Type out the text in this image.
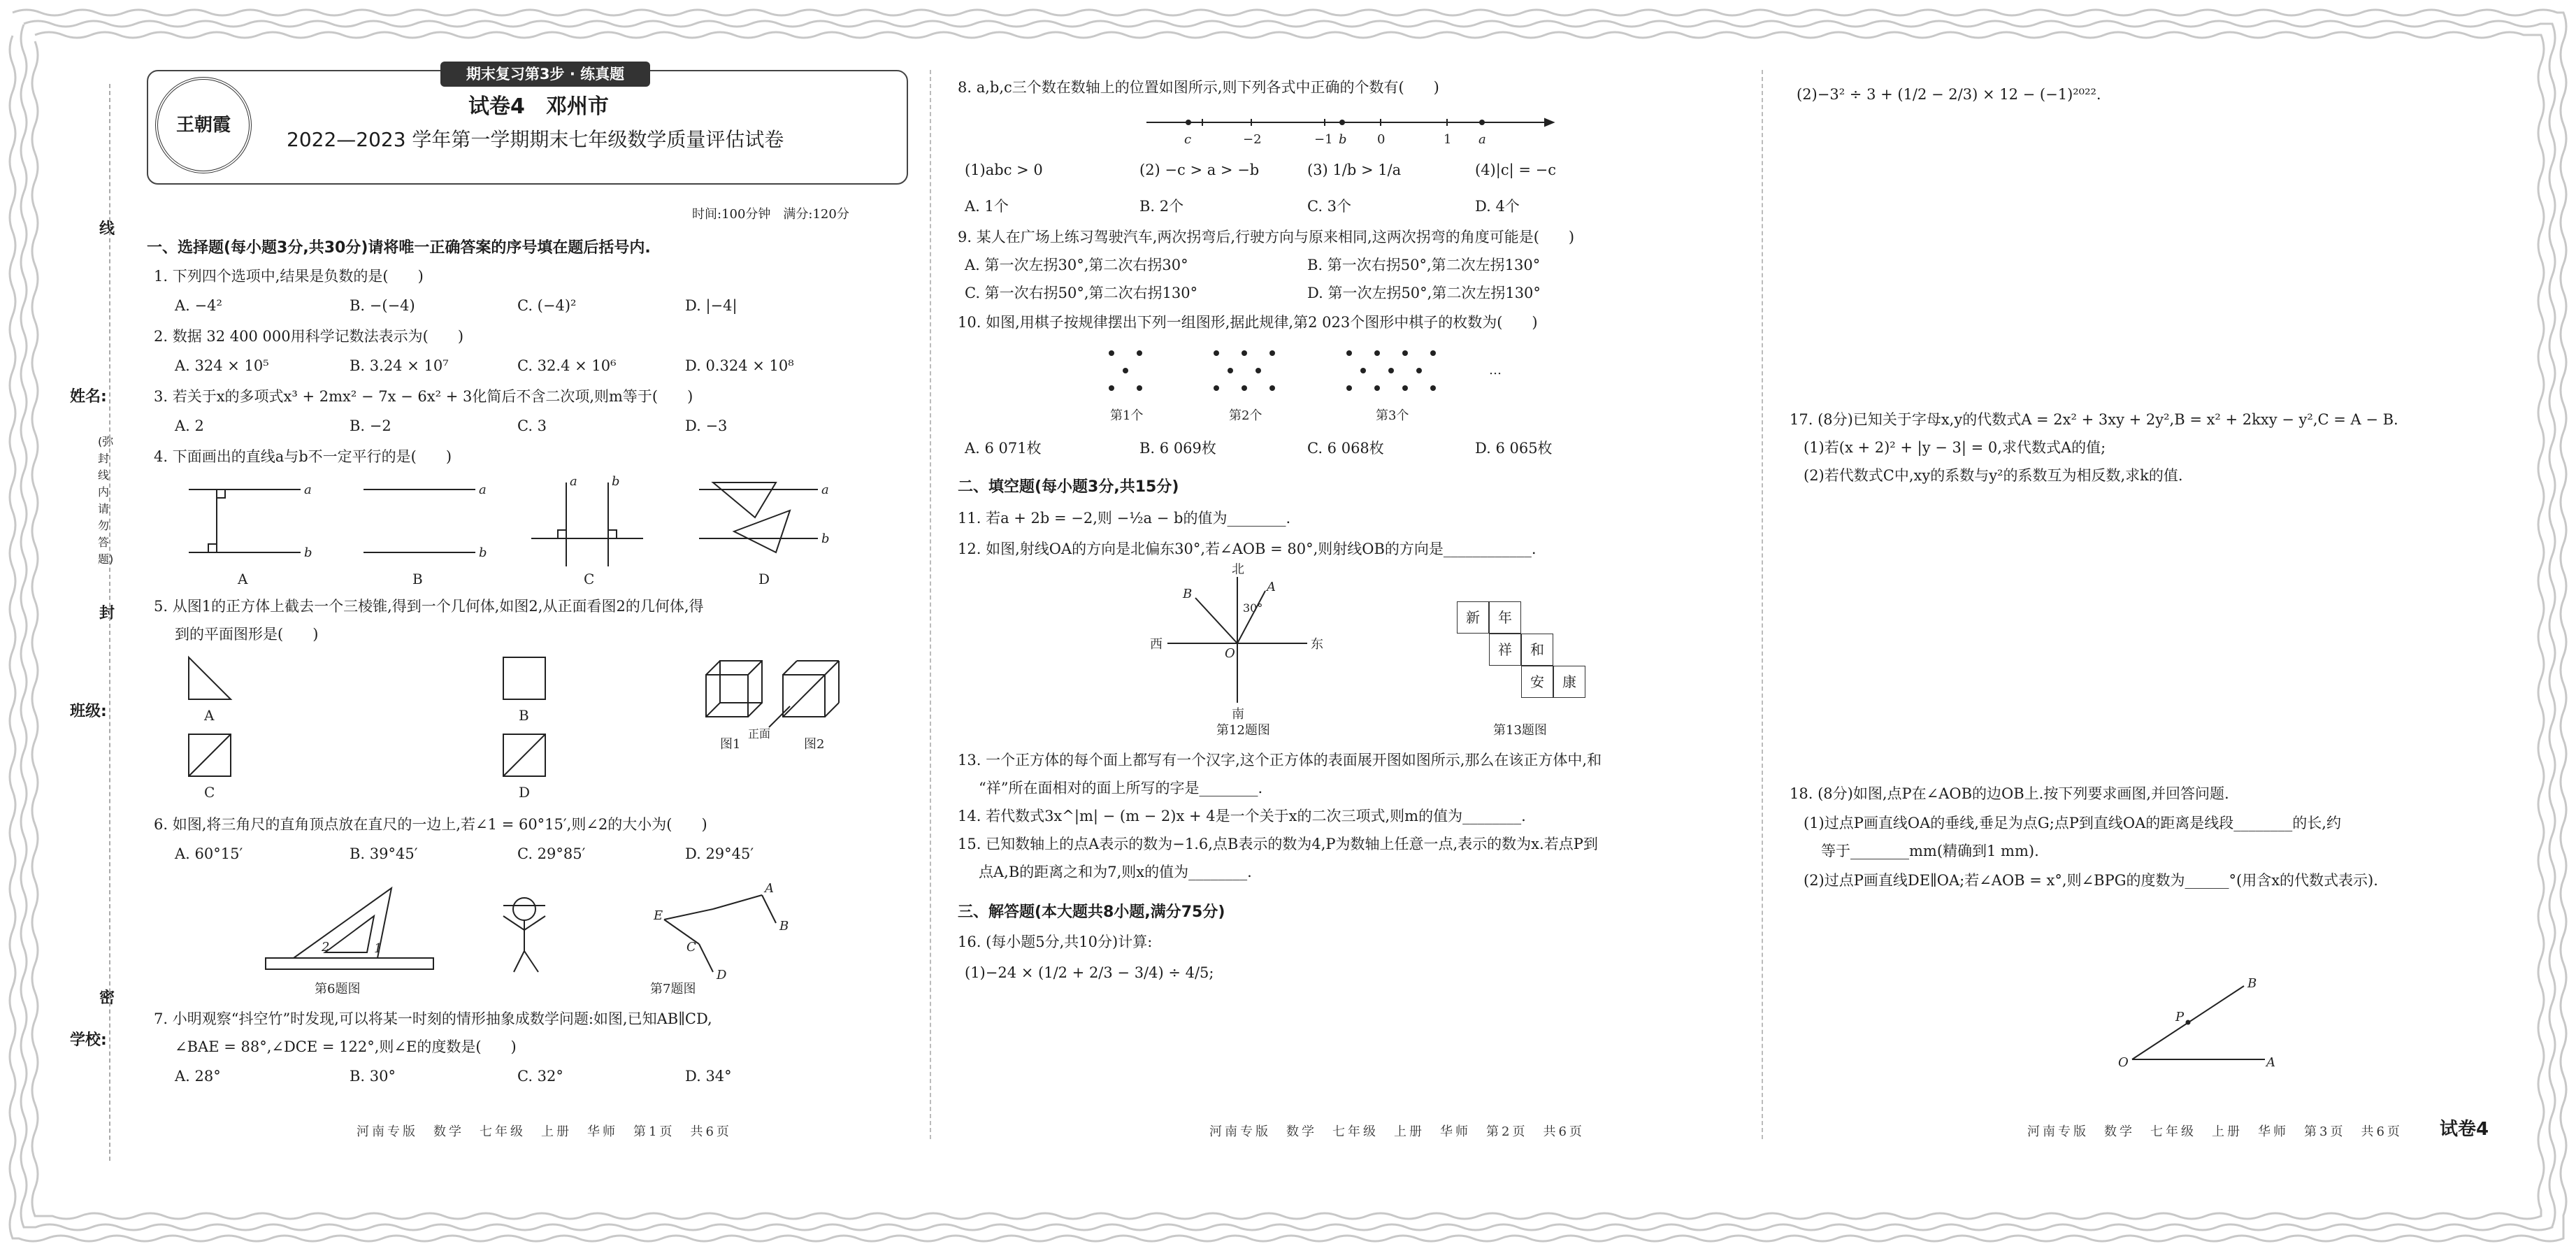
姓名:
(弥封线内请勿答题)
封
班级:
学校:
线
密
期末复习第3步 · 练真题
王朝霞
试卷4　邓州市
2022—2023 学年第一学期期末七年级数学质量评估试卷
时间:100分钟　满分:120分
一、选择题(每小题3分,共30分)请将唯一正确答案的序号填在题后括号内.
1. 下列四个选项中,结果是负数的是(　　)
A. −4²	B. −(−4)	C. (−4)²	D. |−4|
2. 数据 32 400 000用科学记数法表示为(　　)
A. 324 × 10⁵	B. 3.24 × 10⁷	C. 32.4 × 10⁶	D. 0.324 × 10⁸
3. 若关于x的多项式x³ + 2mx² − 7x − 6x² + 3化简后不含二次项,则m等于(　　)
A. 2	B. −2	C. 3	D. −3
4. 下面画出的直线a与b不一定平行的是(　　)
a
b
a
b
a	b
a
b
A	B	C	D
5. 从图1的正方体上截去一个三棱锥,得到一个几何体,如图2,从正面看图2的几何体,得
到的平面图形是(　　)
A	B
C	D
图1	图2
正面
6. 如图,将三角尺的直角顶点放在直尺的一边上,若∠1 = 60°15′,则∠2的大小为(　　)
A. 60°15′	B. 39°45′	C. 29°85′	D. 29°45′
1
2
E
A
B
C
D
第6题图	第7题图
7. 小明观察“抖空竹”时发现,可以将某一时刻的情形抽象成数学问题:如图,已知AB∥CD,
∠BAE = 88°,∠DCE = 122°,则∠E的度数是(　　)
A. 28°	B. 30°	C. 32°	D. 34°
河南专版　数学　七年级　上册　华师　第1页　共6页
8. a,b,c三个数在数轴上的位置如图所示,则下列各式中正确的个数有(　　)
c	−2	−1 b 0	1 a
(1)abc > 0	(2) −c > a > −b	(3) 1/b > 1/a	(4)|c| = −c
A. 1个	B. 2个	C. 3个	D. 4个
9. 某人在广场上练习驾驶汽车,两次拐弯后,行驶方向与原来相同,这两次拐弯的角度可能是(　　)
A. 第一次左拐30°,第二次右拐30°	B. 第一次右拐50°,第二次左拐130°
C. 第一次右拐50°,第二次右拐130°	D. 第一次左拐50°,第二次左拐130°
10. 如图,用棋子按规律摆出下列一组图形,据此规律,第2 023个图形中棋子的枚数为(　　)
第1个	第2个	第3个
…
A. 6 071枚	B. 6 069枚	C. 6 068枚	D. 6 065枚
二、填空题(每小题3分,共15分)
11. 若a + 2b = −2,则 −½a − b的值为________.
12. 如图,射线OA的方向是北偏东30°,若∠AOB = 80°,则射线OB的方向是____________.
北
A
B
30°
西	东
O
南
第12题图
新	年
祥	和
安	康
第13题图
13. 一个正方体的每个面上都写有一个汉字,这个正方体的表面展开图如图所示,那么在该正方体中,和
“祥”所在面相对的面上所写的字是________.
14. 若代数式3x^|m| − (m − 2)x + 4是一个关于x的二次三项式,则m的值为________.
15. 已知数轴上的点A表示的数为−1.6,点B表示的数为4,P为数轴上任意一点,表示的数为x.若点P到
点A,B的距离之和为7,则x的值为________.
三、解答题(本大题共8小题,满分75分)
16. (每小题5分,共10分)计算:
(1)−24 × (1/2 + 2/3 − 3/4) ÷ 4/5;
河南专版　数学　七年级　上册　华师　第2页　共6页
(2)−3² ÷ 3 + (1/2 − 2/3) × 12 − (−1)²⁰²².
17. (8分)已知关于字母x,y的代数式A = 2x² + 3xy + 2y²,B = x² + 2kxy − y²,C = A − B.
(1)若(x + 2)² + |y − 3| = 0,求代数式A的值;
(2)若代数式C中,xy的系数与y²的系数互为相反数,求k的值.
18. (8分)如图,点P在∠AOB的边OB上.按下列要求画图,并回答问题.
(1)过点P画直线OA的垂线,垂足为点G;点P到直线OA的距离是线段________的长,约
等于________mm(精确到1 mm).
(2)过点P画直线DE∥OA;若∠AOB = x°,则∠BPG的度数为______°(用含x的代数式表示).
B
P
O	A
河南专版　数学　七年级　上册　华师　第3页　共6页 试卷4
